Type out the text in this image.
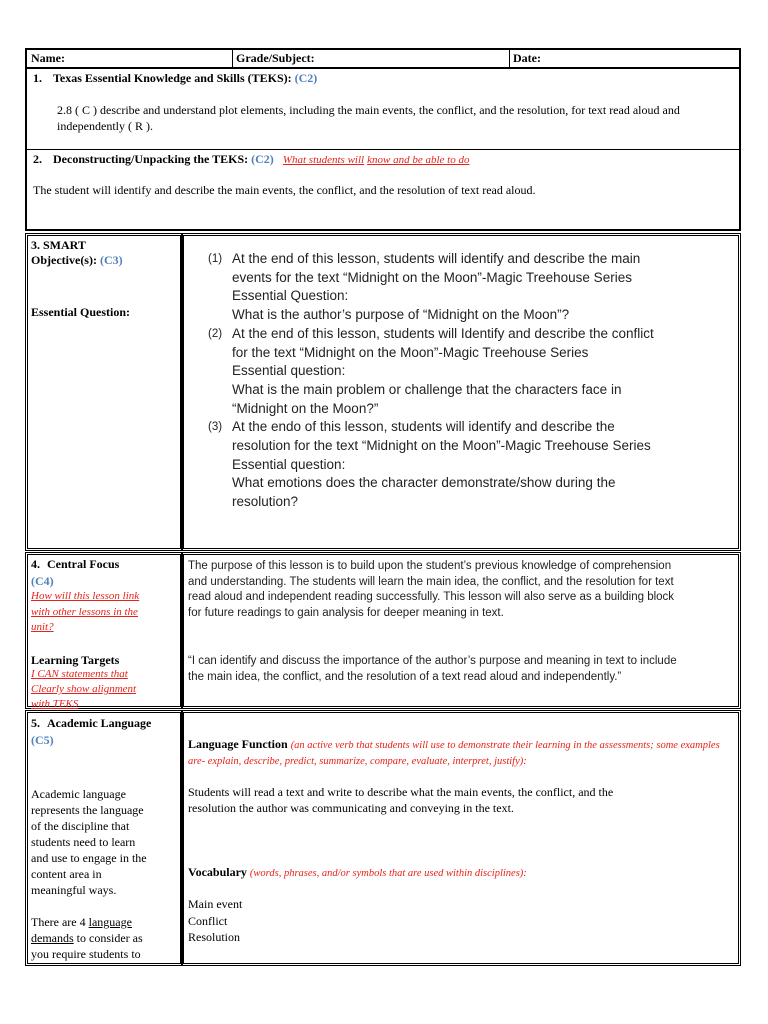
Name:	Grade/Subject:	Date:
1. Texas Essential Knowledge and Skills (TEKS): (C2)
2.8 ( C ) describe and understand plot elements, including the main events, the conflict, and the resolution, for text read aloud and independently ( R ).
2. Deconstructing/Unpacking the TEKS: (C2) What students will know and be able to do
The student will identify and describe the main events, the conflict, and the resolution of text read aloud.
3. SMART
Objective(s): (C3)
Essential Question:
(1) At the end of this lesson, students will identify and describe the main
events for the text “Midnight on the Moon”-Magic Treehouse Series
Essential Question:
What is the author’s purpose of “Midnight on the Moon”?
(2) At the end of this lesson, students will Identify and describe the conflict
for the text “Midnight on the Moon”-Magic Treehouse Series
Essential question:
What is the main problem or challenge that the characters face in
“Midnight on the Moon?”
(3) At the endo of this lesson, students will identify and describe the
resolution for the text “Midnight on the Moon”-Magic Treehouse Series
Essential question:
What emotions does the character demonstrate/show during the
resolution?
4. Central Focus
(C4)
How will this lesson link
with other lessons in the
unit?
Learning Targets
I CAN statements that
Clearly show alignment
with TEKS
The purpose of this lesson is to build upon the student’s previous knowledge of comprehension
and understanding. The students will learn the main idea, the conflict, and the resolution for text
read aloud and independent reading successfully. This lesson will also serve as a building block
for future readings to gain analysis for deeper meaning in text.
“I can identify and discuss the importance of the author’s purpose and meaning in text to include
the main idea, the conflict, and the resolution of a text read aloud and independently.”
5. Academic Language
(C5)
Academic language
represents the language
of the discipline that
students need to learn
and use to engage in the
content area in
meaningful ways.
There are 4 language
demands to consider as
you require students to
Language Function (an active verb that students will use to demonstrate their learning in the assessments; some examples are- explain, describe, predict, summarize, compare, evaluate, interpret, justify):
Students will read a text and write to describe what the main events, the conflict, and the
resolution the author was communicating and conveying in the text.
Vocabulary (words, phrases, and/or symbols that are used within disciplines):
Main event
Conflict
Resolution
